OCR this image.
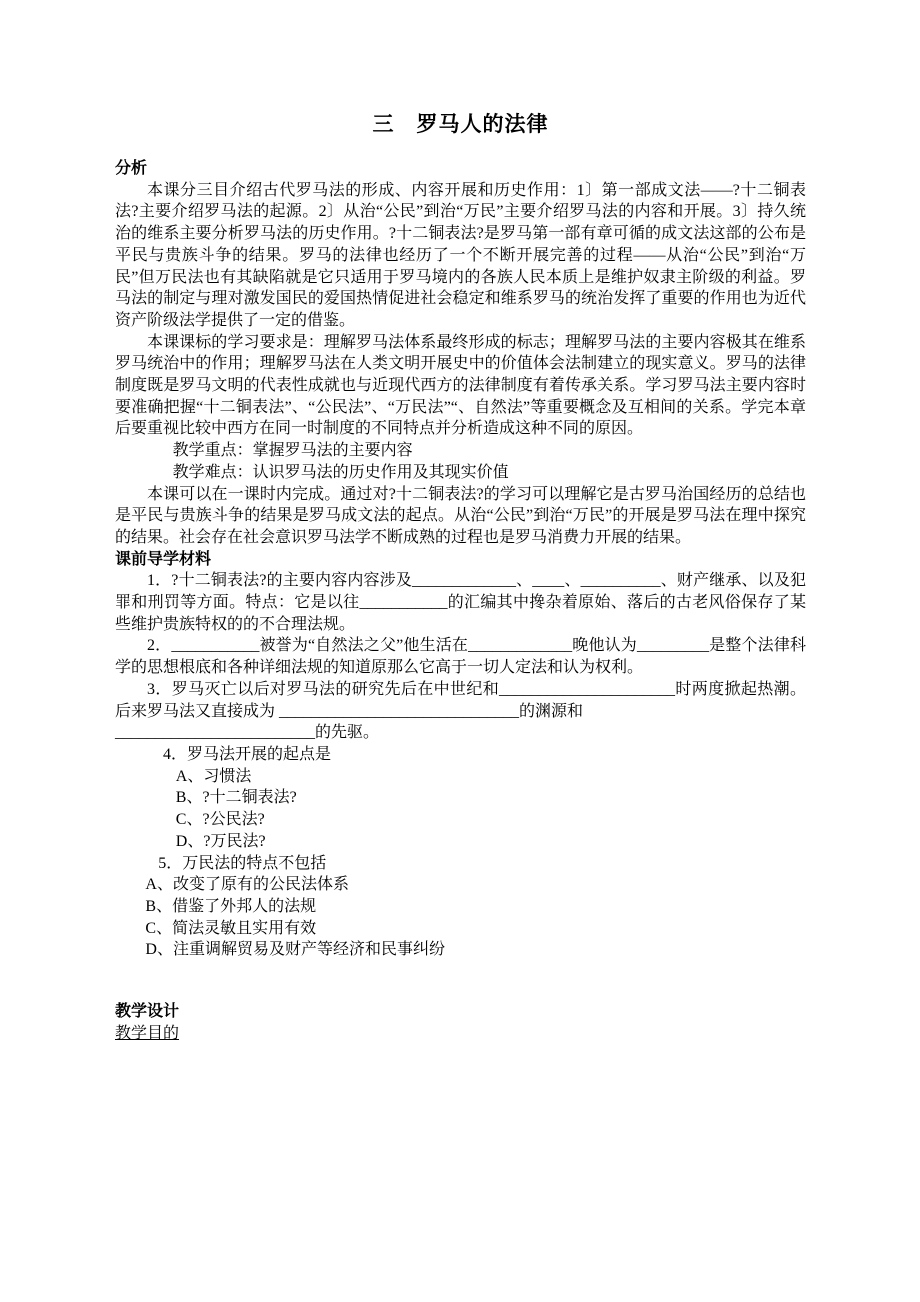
三　罗马人的法律
分析

本课分三目介绍古代罗马法的形成、内容开展和历史作用：1〕第一部成文法——?十二铜表法?主要介绍罗马法的起源。2〕从治“公民”到治“万民”主要介绍罗马法的内容和开展。3〕持久统治的维系主要分析罗马法的历史作用。?十二铜表法?是罗马第一部有章可循的成文法这部的公布是平民与贵族斗争的结果。罗马的法律也经历了一个不断开展完善的过程——从治“公民”到治“万民”但万民法也有其缺陷就是它只适用于罗马境内的各族人民本质上是维护奴隶主阶级的利益。罗马法的制定与理对激发国民的爱国热情促进社会稳定和维系罗马的统治发挥了重要的作用也为近代资产阶级法学提供了一定的借鉴。

本课课标的学习要求是：理解罗马法体系最终形成的标志；理解罗马法的主要内容极其在维系罗马统治中的作用；理解罗马法在人类文明开展史中的价值体会法制建立的现实意义。罗马的法律制度既是罗马文明的代表性成就也与近现代西方的法律制度有着传承关系。学习罗马法主要内容时要准确把握“十二铜表法”、“公民法”、“万民法”“、自然法”等重要概念及互相间的关系。学完本章后要重视比较中西方在同一时制度的不同特点并分析造成这种不同的原因。

教学重点：掌握罗马法的主要内容

教学难点：认识罗马法的历史作用及其现实价值

本课可以在一课时内完成。通过对?十二铜表法?的学习可以理解它是古罗马治国经历的总结也是平民与贵族斗争的结果是罗马成文法的起点。从治“公民”到治“万民”的开展是罗马法在理中探究的结果。社会存在社会意识罗马法学不断成熟的过程也是罗马消费力开展的结果。

课前导学材料

1．?十二铜表法?的主要内容内容涉及_____________、____、__________、财产继承、以及犯罪和刑罚等方面。特点：它是以往___________的汇编其中搀杂着原始、落后的古老风俗保存了某些维护贵族特权的的不合理法规。

2．___________被誉为“自然法之父”他生活在_____________晚他认为_________是整个法律科学的思想根底和各种详细法规的知道原那么它高于一切人定法和认为权利。

3．罗马灭亡以后对罗马法的研究先后在中世纪和______________________时两度掀起热潮。后来罗马法又直接成为 ______________________________的渊源和

_________________________的先驱。

4．罗马法开展的起点是

A、习惯法

B、?十二铜表法?

C、?公民法?

D、?万民法?

5．万民法的特点不包括

A、改变了原有的公民法体系

B、借鉴了外邦人的法规

C、简法灵敏且实用有效

D、注重调解贸易及财产等经济和民事纠纷

教学设计
教学目的
